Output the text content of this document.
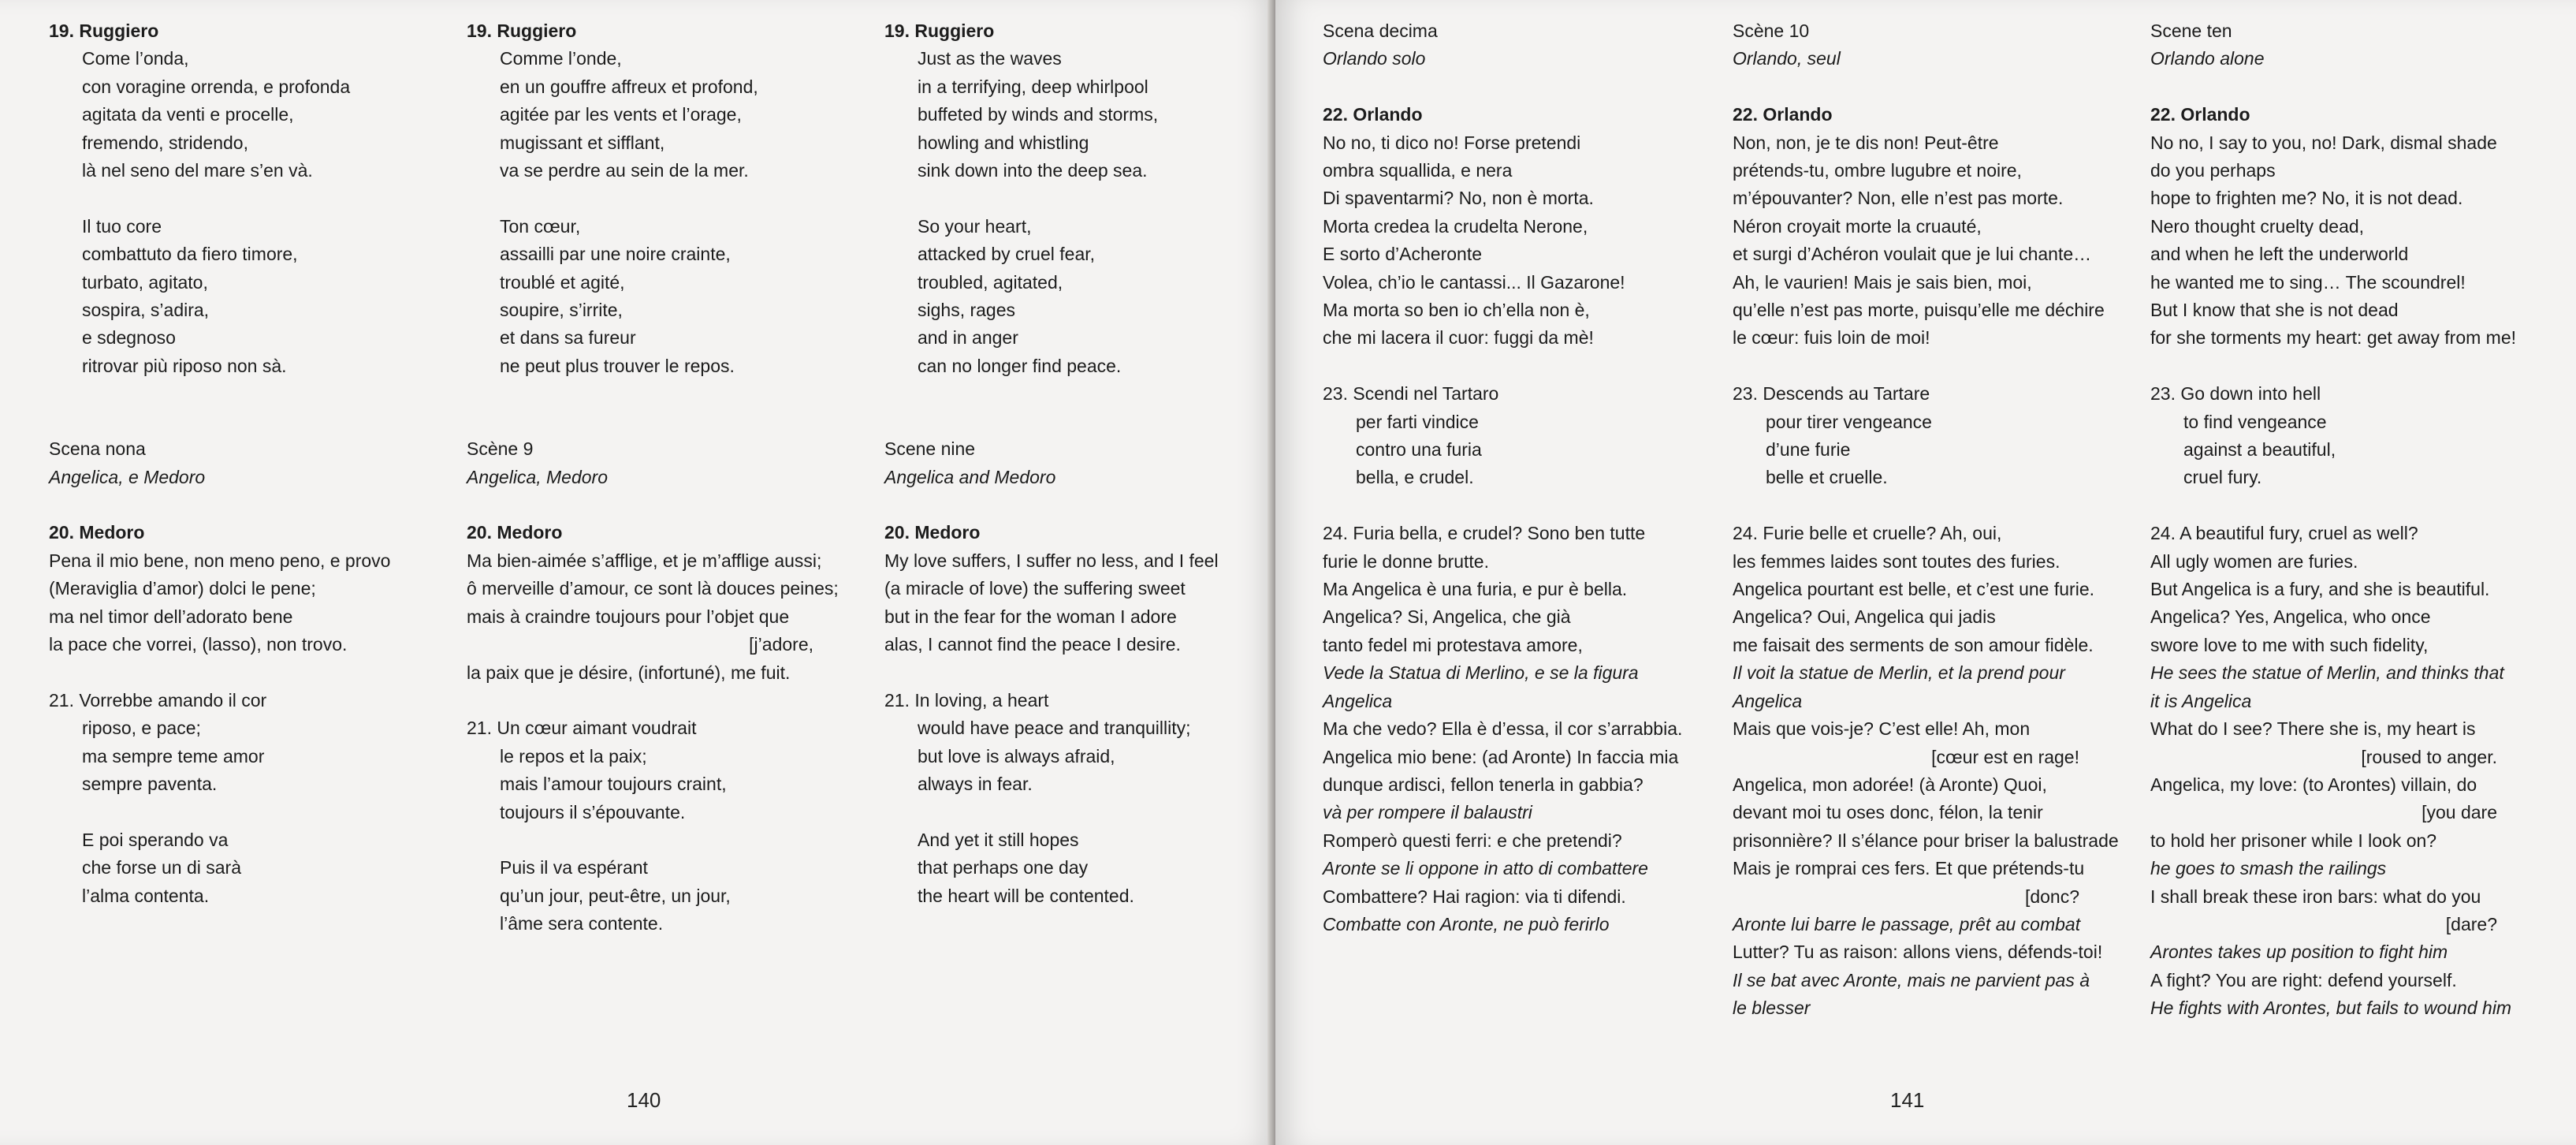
19. Ruggiero

Come l’onda,

con voragine orrenda, e profonda

agitata da venti e procelle,

fremendo, stridendo,

là nel seno del mare s’en và.

Il tuo core

combattuto da fiero timore,

turbato, agitato,

sospira, s’adira,

e sdegnoso

ritrovar più riposo non sà.

Scena nona

Angelica, e Medoro

20. Medoro

Pena il mio bene, non meno peno, e provo

(Meraviglia d’amor) dolci le pene;

ma nel timor dell’adorato bene

la pace che vorrei, (lasso), non trovo.

21. Vorrebbe amando il cor

riposo, e pace;

ma sempre teme amor

sempre paventa.

E poi sperando va

che forse un di sarà

l’alma contenta.

19. Ruggiero

Comme l’onde,

en un gouffre affreux et profond,

agitée par les vents et l’orage,

mugissant et sifflant,

va se perdre au sein de la mer.

Ton cœur,

assailli par une noire crainte,

troublé et agité,

soupire, s’irrite,

et dans sa fureur

ne peut plus trouver le repos.

Scène 9

Angelica, Medoro

20. Medoro

Ma bien-aimée s’afflige, et je m’afflige aussi;

ô merveille d’amour, ce sont là douces peines;

mais à craindre toujours pour l’objet que

[j’adore,

la paix que je désire, (infortuné), me fuit.

21. Un cœur aimant voudrait

le repos et la paix;

mais l’amour toujours craint,

toujours il s’épouvante.

Puis il va espérant

qu’un jour, peut-être, un jour,

l’âme sera contente.

19. Ruggiero

Just as the waves

in a terrifying, deep whirlpool

buffeted by winds and storms,

howling and whistling

sink down into the deep sea.

So your heart,

attacked by cruel fear,

troubled, agitated,

sighs, rages

and in anger

can no longer find peace.

Scene nine

Angelica and Medoro

20. Medoro

My love suffers, I suffer no less, and I feel

(a miracle of love) the suffering sweet

but in the fear for the woman I adore

alas, I cannot find the peace I desire.

21. In loving, a heart

would have peace and tranquillity;

but love is always afraid,

always in fear.

And yet it still hopes

that perhaps one day

the heart will be contented.

140

Scena decima

Orlando solo

22. Orlando

No no, ti dico no! Forse pretendi

ombra squallida, e nera

Di spaventarmi? No, non è morta.

Morta credea la crudelta Nerone,

E sorto d’Acheronte

Volea, ch’io le cantassi... Il Gazarone!

Ma morta so ben io ch’ella non è,

che mi lacera il cuor: fuggi da mè!

23. Scendi nel Tartaro

per farti vindice

contro una furia

bella, e crudel.

24. Furia bella, e crudel? Sono ben tutte

furie le donne brutte.

Ma Angelica è una furia, e pur è bella.

Angelica? Si, Angelica, che già

tanto fedel mi protestava amore,

Vede la Statua di Merlino, e se la figura

Angelica

Ma che vedo? Ella è d’essa, il cor s’arrabbia.

Angelica mio bene: (ad Aronte) In faccia mia

dunque ardisci, fellon tenerla in gabbia?

và per rompere il balaustri

Romperò questi ferri: e che pretendi?

Aronte se li oppone in atto di combattere

Combattere? Hai ragion: via ti difendi.

Combatte con Aronte, ne può ferirlo

Scène 10

Orlando, seul

22. Orlando

Non, non, je te dis non! Peut-être

prétends-tu, ombre lugubre et noire,

m’épouvanter? Non, elle n’est pas morte.

Néron croyait morte la cruauté,

et surgi d’Achéron voulait que je lui chante…

Ah, le vaurien! Mais je sais bien, moi,

qu’elle n’est pas morte, puisqu’elle me déchire

le cœur: fuis loin de moi!

23. Descends au Tartare

pour tirer vengeance

d’une furie

belle et cruelle.

24. Furie belle et cruelle? Ah, oui,

les femmes laides sont toutes des furies.

Angelica pourtant est belle, et c’est une furie.

Angelica? Oui, Angelica qui jadis

me faisait des serments de son amour fidèle.

Il voit la statue de Merlin, et la prend pour

Angelica

Mais que vois-je? C’est elle! Ah, mon

[cœur est en rage!

Angelica, mon adorée! (à Aronte) Quoi,

devant moi tu oses donc, félon, la tenir

prisonnière? Il s’élance pour briser la balustrade

Mais je romprai ces fers. Et que prétends-tu

[donc?

Aronte lui barre le passage, prêt au combat

Lutter? Tu as raison: allons viens, défends-toi!

Il se bat avec Aronte, mais ne parvient pas à

le blesser

Scene ten

Orlando alone

22. Orlando

No no, I say to you, no! Dark, dismal shade

do you perhaps

hope to frighten me? No, it is not dead.

Nero thought cruelty dead,

and when he left the underworld

he wanted me to sing… The scoundrel!

But I know that she is not dead

for she torments my heart: get away from me!

23. Go down into hell

to find vengeance

against a beautiful,

cruel fury.

24. A beautiful fury, cruel as well?

All ugly women are furies.

But Angelica is a fury, and she is beautiful.

Angelica? Yes, Angelica, who once

swore love to me with such fidelity,

He sees the statue of Merlin, and thinks that

it is Angelica

What do I see? There she is, my heart is

[roused to anger.

Angelica, my love: (to Arontes) villain, do

[you dare

to hold her prisoner while I look on?

he goes to smash the railings

I shall break these iron bars: what do you

[dare?

Arontes takes up position to fight him

A fight? You are right: defend yourself.

He fights with Arontes, but fails to wound him

141
